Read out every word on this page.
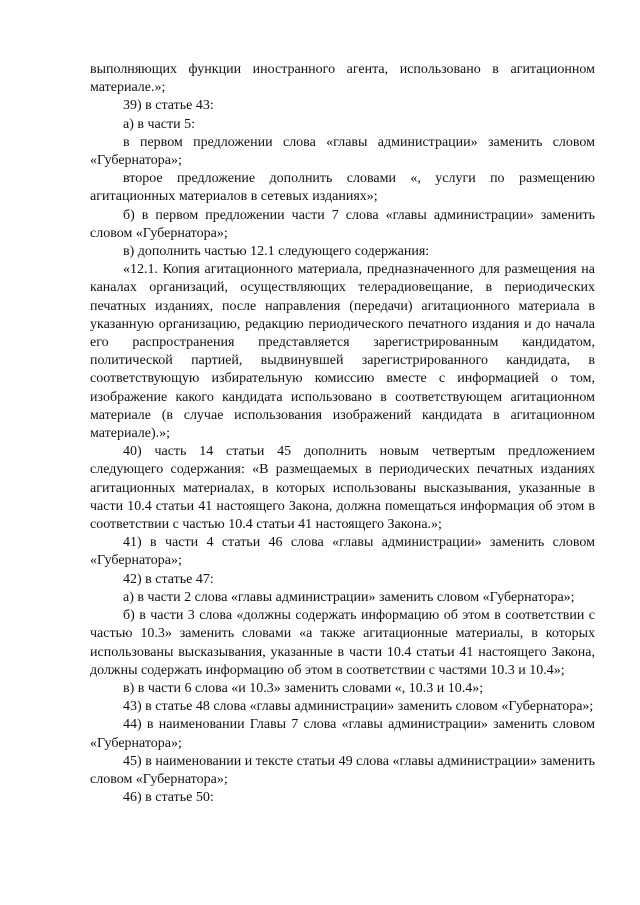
выполняющих функции иностранного агента, использовано в агитационном материале.»;

39) в статье 43:

а) в части 5:

в первом предложении слова «главы администрации» заменить словом «Губернатора»;

второе предложение дополнить словами «, услуги по размещению агитационных материалов в сетевых изданиях»;

б) в первом предложении части 7 слова «главы администрации» заменить словом «Губернатора»;

в) дополнить частью 12.1 следующего содержания:

«12.1. Копия агитационного материала, предназначенного для размещения на каналах организаций, осуществляющих телерадиовещание, в периодических печатных изданиях, после направления (передачи) агитационного материала в указанную организацию, редакцию периодического печатного издания и до начала его распространения представляется зарегистрированным кандидатом, политической партией, выдвинувшей зарегистрированного кандидата, в соответствующую избирательную комиссию вместе с информацией о том, изображение какого кандидата использовано в соответствующем агитационном материале (в случае использования изображений кандидата в агитационном материале).»;

40) часть 14 статьи 45 дополнить новым четвертым предложением следующего содержания: «В размещаемых в периодических печатных изданиях агитационных материалах, в которых использованы высказывания, указанные в части 10.4 статьи 41 настоящего Закона, должна помещаться информация об этом в соответствии с частью 10.4 статьи 41 настоящего Закона.»;

41) в части 4 статьи 46 слова «главы администрации» заменить словом «Губернатора»;

42) в статье 47:

а) в части 2 слова «главы администрации» заменить словом «Губернатора»;

б) в части 3 слова «должны содержать информацию об этом в соответствии с частью 10.3» заменить словами «а также агитационные материалы, в которых использованы высказывания, указанные в части 10.4 статьи 41 настоящего Закона, должны содержать информацию об этом в соответствии с частями 10.3 и 10.4»;

в) в части 6 слова «и 10.3» заменить словами «, 10.3 и 10.4»;

43) в статье 48 слова «главы администрации» заменить словом «Губернатора»;

44) в наименовании Главы 7 слова «главы администрации» заменить словом «Губернатора»;

45) в наименовании и тексте статьи 49 слова «главы администрации» заменить словом «Губернатора»;

46) в статье 50:
